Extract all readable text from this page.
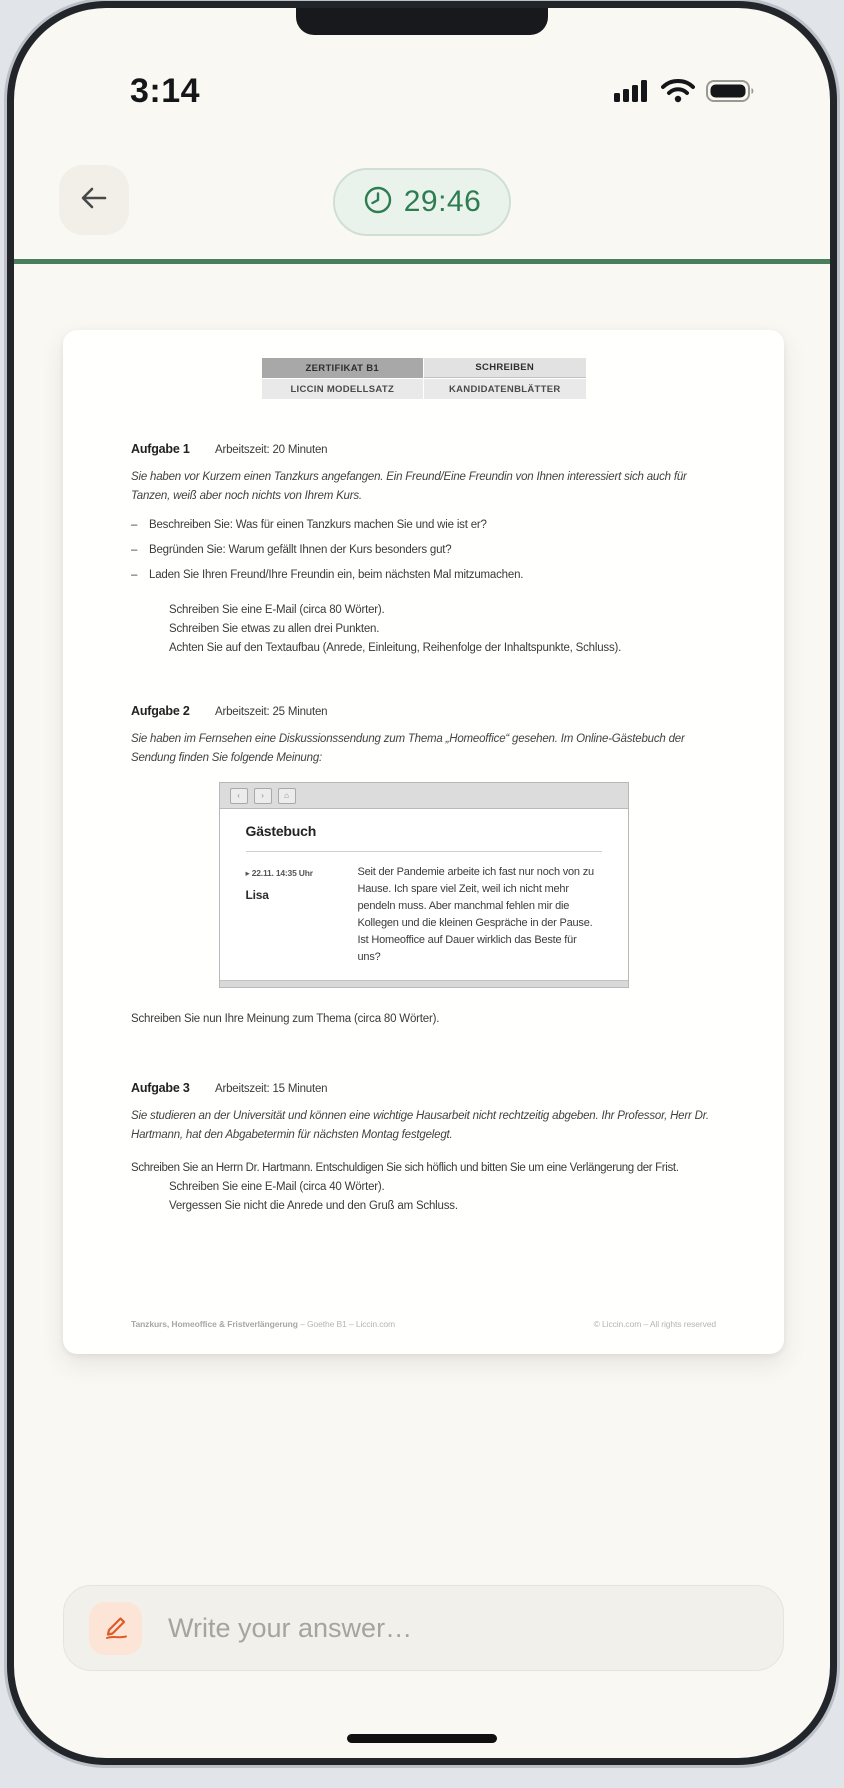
3:14
29:46
ZERTIFIKAT B1	SCHREIBEN
LICCIN MODELLSATZ	KANDIDATENBLÄTTER
Aufgabe 1	Arbeitszeit: 20 Minuten

Sie haben vor Kurzem einen Tanzkurs angefangen. Ein Freund/Eine Freundin von Ihnen interessiert sich auch für Tanzen, weiß aber noch nichts von Ihrem Kurs.

–	Beschreiben Sie: Was für einen Tanzkurs machen Sie und wie ist er?
–	Begründen Sie: Warum gefällt Ihnen der Kurs besonders gut?
–	Laden Sie Ihren Freund/Ihre Freundin ein, beim nächsten Mal mitzumachen.
Schreiben Sie eine E-Mail (circa 80 Wörter).
Schreiben Sie etwas zu allen drei Punkten.
Achten Sie auf den Textaufbau (Anrede, Einleitung, Reihenfolge der Inhaltspunkte, Schluss).
Aufgabe 2	Arbeitszeit: 25 Minuten

Sie haben im Fernsehen eine Diskussionssendung zum Thema „Homeoffice“ gesehen. Im Online-Gästebuch der Sendung finden Sie folgende Meinung:

‹	›	⌂
Gästebuch
▸ 22.11. 14:35 Uhr
Lisa
Seit der Pandemie arbeite ich fast nur noch von zu Hause. Ich spare viel Zeit, weil ich nicht mehr pendeln muss. Aber manchmal fehlen mir die Kollegen und die kleinen Gespräche in der Pause. Ist Homeoffice auf Dauer wirklich das Beste für uns?

Schreiben Sie nun Ihre Meinung zum Thema (circa 80 Wörter).

Aufgabe 3	Arbeitszeit: 15 Minuten

Sie studieren an der Universität und können eine wichtige Hausarbeit nicht rechtzeitig abgeben. Ihr Professor, Herr Dr. Hartmann, hat den Abgabetermin für nächsten Montag festgelegt.

Schreiben Sie an Herrn Dr. Hartmann. Entschuldigen Sie sich höflich und bitten Sie um eine Verlängerung der Frist.
Schreiben Sie eine E-Mail (circa 40 Wörter).
Vergessen Sie nicht die Anrede und den Gruß am Schluss.
Tanzkurs, Homeoffice & Fristverlängerung – Goethe B1 – Liccin.com	© Liccin.com – All rights reserved
Write your answer…
